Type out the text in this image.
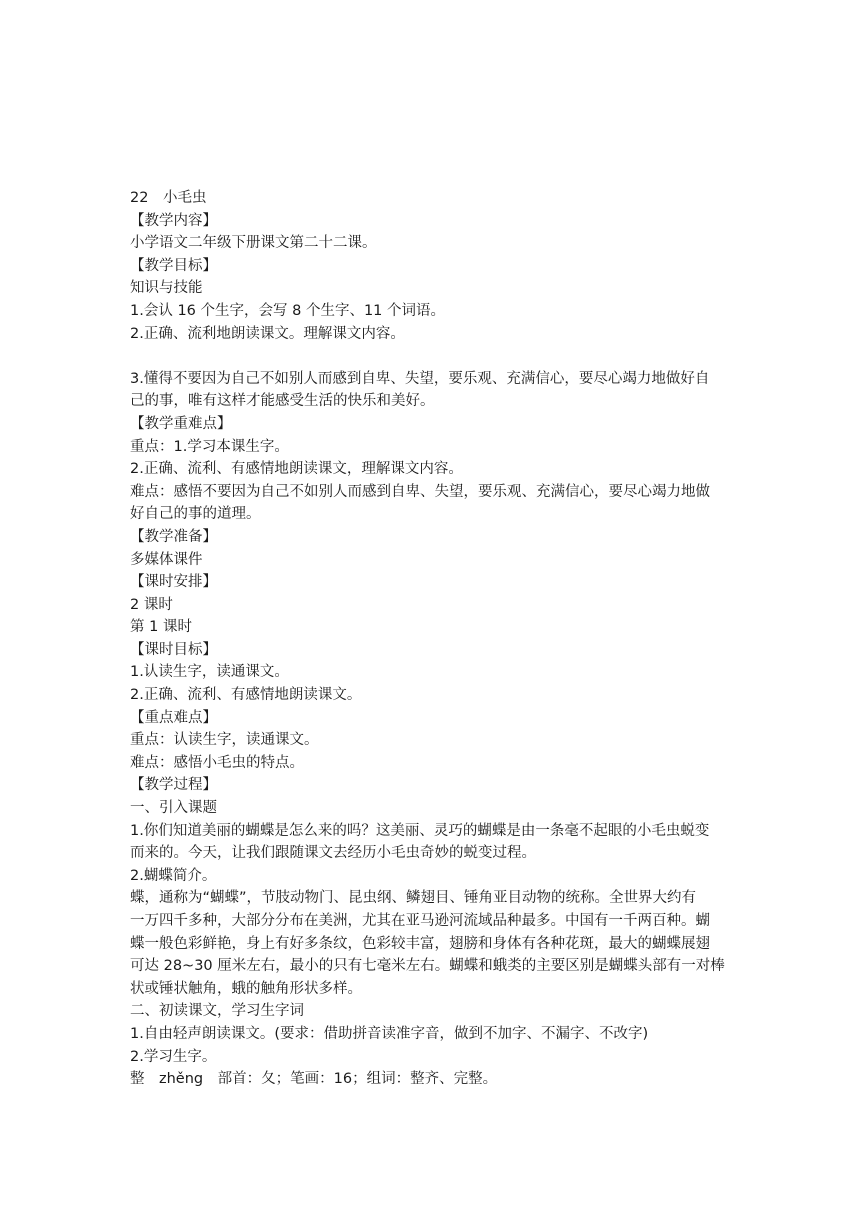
22　小毛虫
【教学内容】
小学语文二年级下册课文第二十二课。
【教学目标】
知识与技能
1.会认 16 个生字，会写 8 个生字、11 个词语。
2.正确、流利地朗读课文。理解课文内容。
3.懂得不要因为自己不如别人而感到自卑、失望，要乐观、充满信心，要尽心竭力地做好自
己的事，唯有这样才能感受生活的快乐和美好。
【教学重难点】
重点：1.学习本课生字。
2.正确、流利、有感情地朗读课文，理解课文内容。
难点：感悟不要因为自己不如别人而感到自卑、失望，要乐观、充满信心，要尽心竭力地做
好自己的事的道理。
【教学准备】
多媒体课件
【课时安排】
2 课时
第 1 课时
【课时目标】
1.认读生字，读通课文。
2.正确、流利、有感情地朗读课文。
【重点难点】
重点：认读生字，读通课文。
难点：感悟小毛虫的特点。
【教学过程】
一、引入课题
1.你们知道美丽的蝴蝶是怎么来的吗？这美丽、灵巧的蝴蝶是由一条毫不起眼的小毛虫蜕变
而来的。今天，让我们跟随课文去经历小毛虫奇妙的蜕变过程。
2.蝴蝶简介。
蝶，通称为“蝴蝶”，节肢动物门、昆虫纲、鳞翅目、锤角亚目动物的统称。全世界大约有
一万四千多种，大部分分布在美洲，尤其在亚马逊河流域品种最多。中国有一千两百种。蝴
蝶一般色彩鲜艳，身上有好多条纹，色彩较丰富，翅膀和身体有各种花斑，最大的蝴蝶展翅
可达 28~30 厘米左右，最小的只有七毫米左右。蝴蝶和蛾类的主要区别是蝴蝶头部有一对棒
状或锤状触角，蛾的触角形状多样。
二、初读课文，学习生字词
1.自由轻声朗读课文。(要求：借助拼音读准字音，做到不加字、不漏字、不改字)
2.学习生字。
整　zhěng　部首：夂；笔画：16；组词：整齐、完整。
